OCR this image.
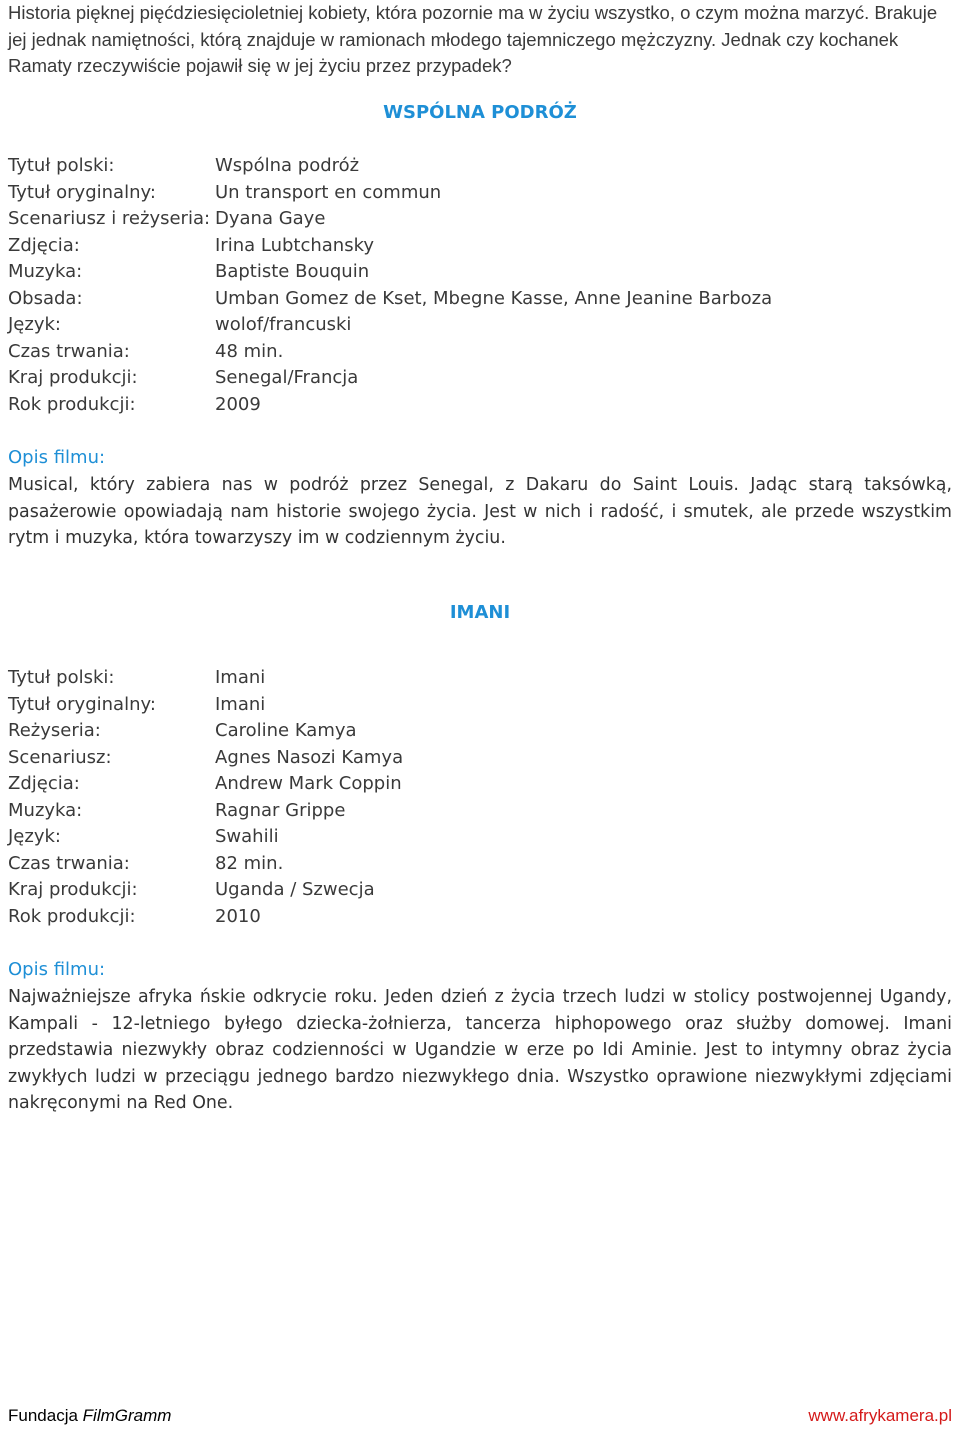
Historia pięknej pięćdziesięcioletniej kobiety, która pozornie ma w życiu wszystko, o czym można marzyć. Brakuje jej jednak namiętności, którą znajduje w ramionach młodego tajemniczego mężczyzny. Jednak czy kochanek Ramaty rzeczywiście pojawił się w jej życiu przez przypadek?

WSPÓLNA PODRÓŻ
Tytuł polski:	Wspólna podróż
Tytuł oryginalny:	Un transport en commun
Scenariusz i reżyseria:	Dyana Gaye
Zdjęcia:	Irina Lubtchansky
Muzyka:	Baptiste Bouquin
Obsada:	Umban Gomez de Kset, Mbegne Kasse, Anne Jeanine Barboza
Język:	wolof/francuski
Czas trwania:	48 min.
Kraj produkcji:	Senegal/Francja
Rok produkcji:	2009
Opis filmu:

Musical, który zabiera nas w podróż przez Senegal, z Dakaru do Saint Louis. Jadąc starą taksówką, pasażerowie opowiadają nam historie swojego życia. Jest w nich i radość, i smutek, ale przede wszystkim rytm i muzyka, która towarzyszy im w codziennym życiu.

IMANI
Tytuł polski:	Imani
Tytuł oryginalny:	Imani
Reżyseria:	Caroline Kamya
Scenariusz:	Agnes Nasozi Kamya
Zdjęcia:	Andrew Mark Coppin
Muzyka:	Ragnar Grippe
Język:	Swahili
Czas trwania:	82 min.
Kraj produkcji:	Uganda / Szwecja
Rok produkcji:	2010
Opis filmu:

Najważniejsze afryka ńskie odkrycie roku. Jeden dzień z życia trzech ludzi w stolicy postwojennej Ugandy, Kampali - 12-letniego byłego dziecka-żołnierza, tancerza hiphopowego oraz służby domowej. Imani przedstawia niezwykły obraz codzienności w Ugandzie w erze po Idi Aminie. Jest to intymny obraz życia zwykłych ludzi w przeciągu jednego bardzo niezwykłego dnia. Wszystko oprawione niezwykłymi zdjęciami nakręconymi na Red One.

Fundacja FilmGramm	www.afrykamera.pl
